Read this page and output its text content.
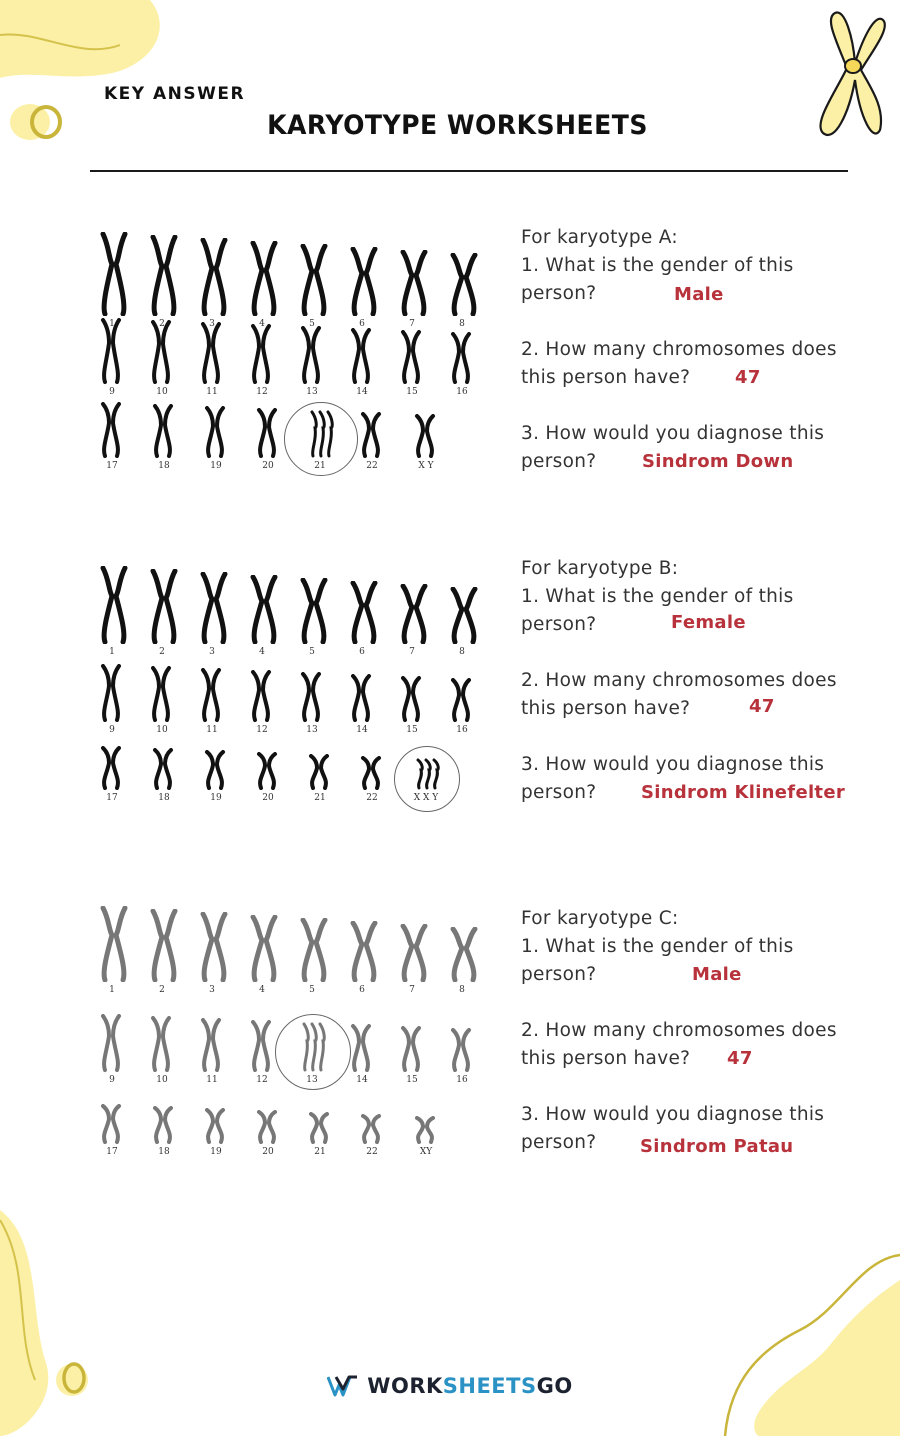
KEY ANSWER
KARYOTYPE WORKSHEETS
1	2	3	4	5	6	7	8
9	10	11	12	13	14	15	16
17	18	19	20	21	22	X Y
For karyotype A:
1. What is the gender of this
person?	Male
2. How many chromosomes does
this person have? 47
3. How would you diagnose this
person?	Sindrom Down
1	2	3	4	5	6	7	8
9	10	11	12	13	14	15	16
17	18	19	20	21	22	X X Y
For karyotype B:
1. What is the gender of this
person?	Female
2. How many chromosomes does
this person have?	47
3. How would you diagnose this
person? Sindrom Klinefelter
1	2	3	4	5	6	7	8
9	10	11	12	13	14	15	16
17	18	19	20	21	22	XY
For karyotype C:
1. What is the gender of this
person?	Male
2. How many chromosomes does
this person have? 47
3. How would you diagnose this
person? Sindrom Patau
WORKSHEETSGO
